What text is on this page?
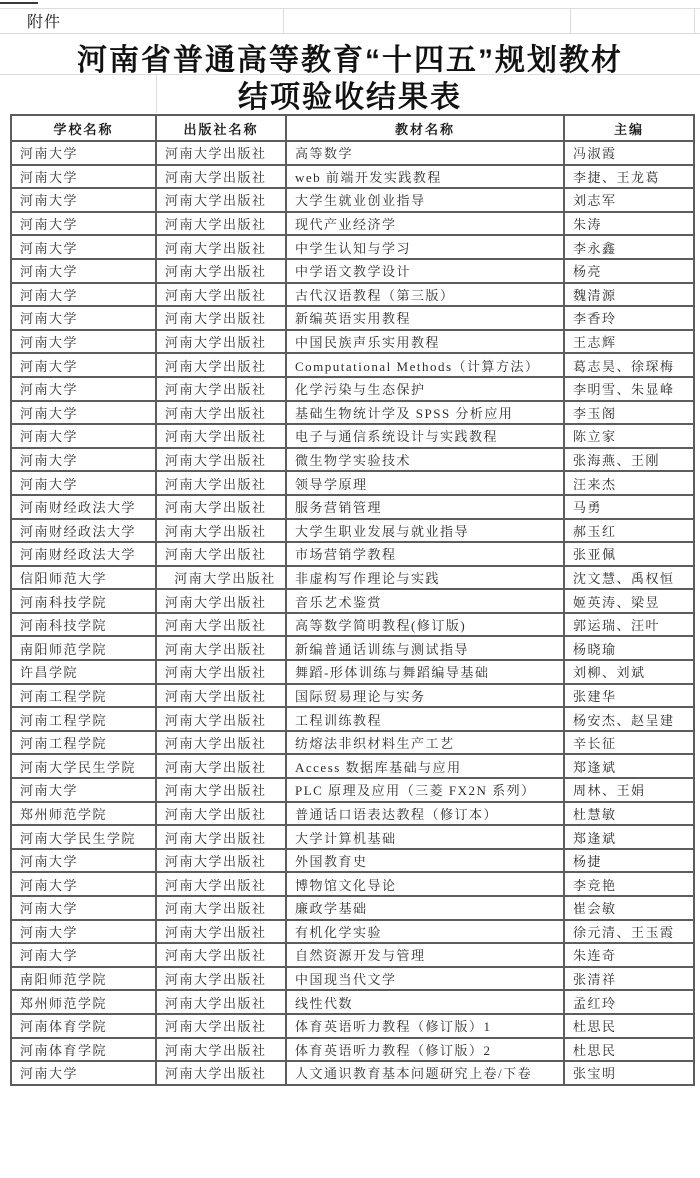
附件
河南省普通高等教育“十四五”规划教材
结项验收结果表
学校名称	出版社名称	教材名称	主编
河南大学	河南大学出版社	高等数学	冯淑霞
河南大学	河南大学出版社	web 前端开发实践教程	李捷、王龙葛
河南大学	河南大学出版社	大学生就业创业指导	刘志军
河南大学	河南大学出版社	现代产业经济学	朱涛
河南大学	河南大学出版社	中学生认知与学习	李永鑫
河南大学	河南大学出版社	中学语文教学设计	杨亮
河南大学	河南大学出版社	古代汉语教程（第三版）	魏清源
河南大学	河南大学出版社	新编英语实用教程	李香玲
河南大学	河南大学出版社	中国民族声乐实用教程	王志辉
河南大学	河南大学出版社	Computational Methods（计算方法）	葛志昊、徐琛梅
河南大学	河南大学出版社	化学污染与生态保护	李明雪、朱显峰
河南大学	河南大学出版社	基础生物统计学及 SPSS 分析应用	李玉阁
河南大学	河南大学出版社	电子与通信系统设计与实践教程	陈立家
河南大学	河南大学出版社	微生物学实验技术	张海燕、王刚
河南大学	河南大学出版社	领导学原理	汪来杰
河南财经政法大学	河南大学出版社	服务营销管理	马勇
河南财经政法大学	河南大学出版社	大学生职业发展与就业指导	郝玉红
河南财经政法大学	河南大学出版社	市场营销学教程	张亚佩
信阳师范大学	河南大学出版社	非虚构写作理论与实践	沈文慧、禹权恒
河南科技学院	河南大学出版社	音乐艺术鉴赏	姬英涛、梁昱
河南科技学院	河南大学出版社	高等数学简明教程(修订版)	郭运瑞、汪叶
南阳师范学院	河南大学出版社	新编普通话训练与测试指导	杨晓瑜
许昌学院	河南大学出版社	舞蹈-形体训练与舞蹈编导基础	刘柳、刘斌
河南工程学院	河南大学出版社	国际贸易理论与实务	张建华
河南工程学院	河南大学出版社	工程训练教程	杨安杰、赵呈建
河南工程学院	河南大学出版社	纺熔法非织材料生产工艺	辛长征
河南大学民生学院	河南大学出版社	Access 数据库基础与应用	郑逢斌
河南大学	河南大学出版社	PLC 原理及应用（三菱 FX2N 系列）	周林、王娟
郑州师范学院	河南大学出版社	普通话口语表达教程（修订本）	杜慧敏
河南大学民生学院	河南大学出版社	大学计算机基础	郑逢斌
河南大学	河南大学出版社	外国教育史	杨捷
河南大学	河南大学出版社	博物馆文化导论	李竞艳
河南大学	河南大学出版社	廉政学基础	崔会敏
河南大学	河南大学出版社	有机化学实验	徐元清、王玉霞
河南大学	河南大学出版社	自然资源开发与管理	朱连奇
南阳师范学院	河南大学出版社	中国现当代文学	张清祥
郑州师范学院	河南大学出版社	线性代数	孟红玲
河南体育学院	河南大学出版社	体育英语听力教程（修订版）1	杜思民
河南体育学院	河南大学出版社	体育英语听力教程（修订版）2	杜思民
河南大学	河南大学出版社	人文通识教育基本问题研究上卷/下卷	张宝明
